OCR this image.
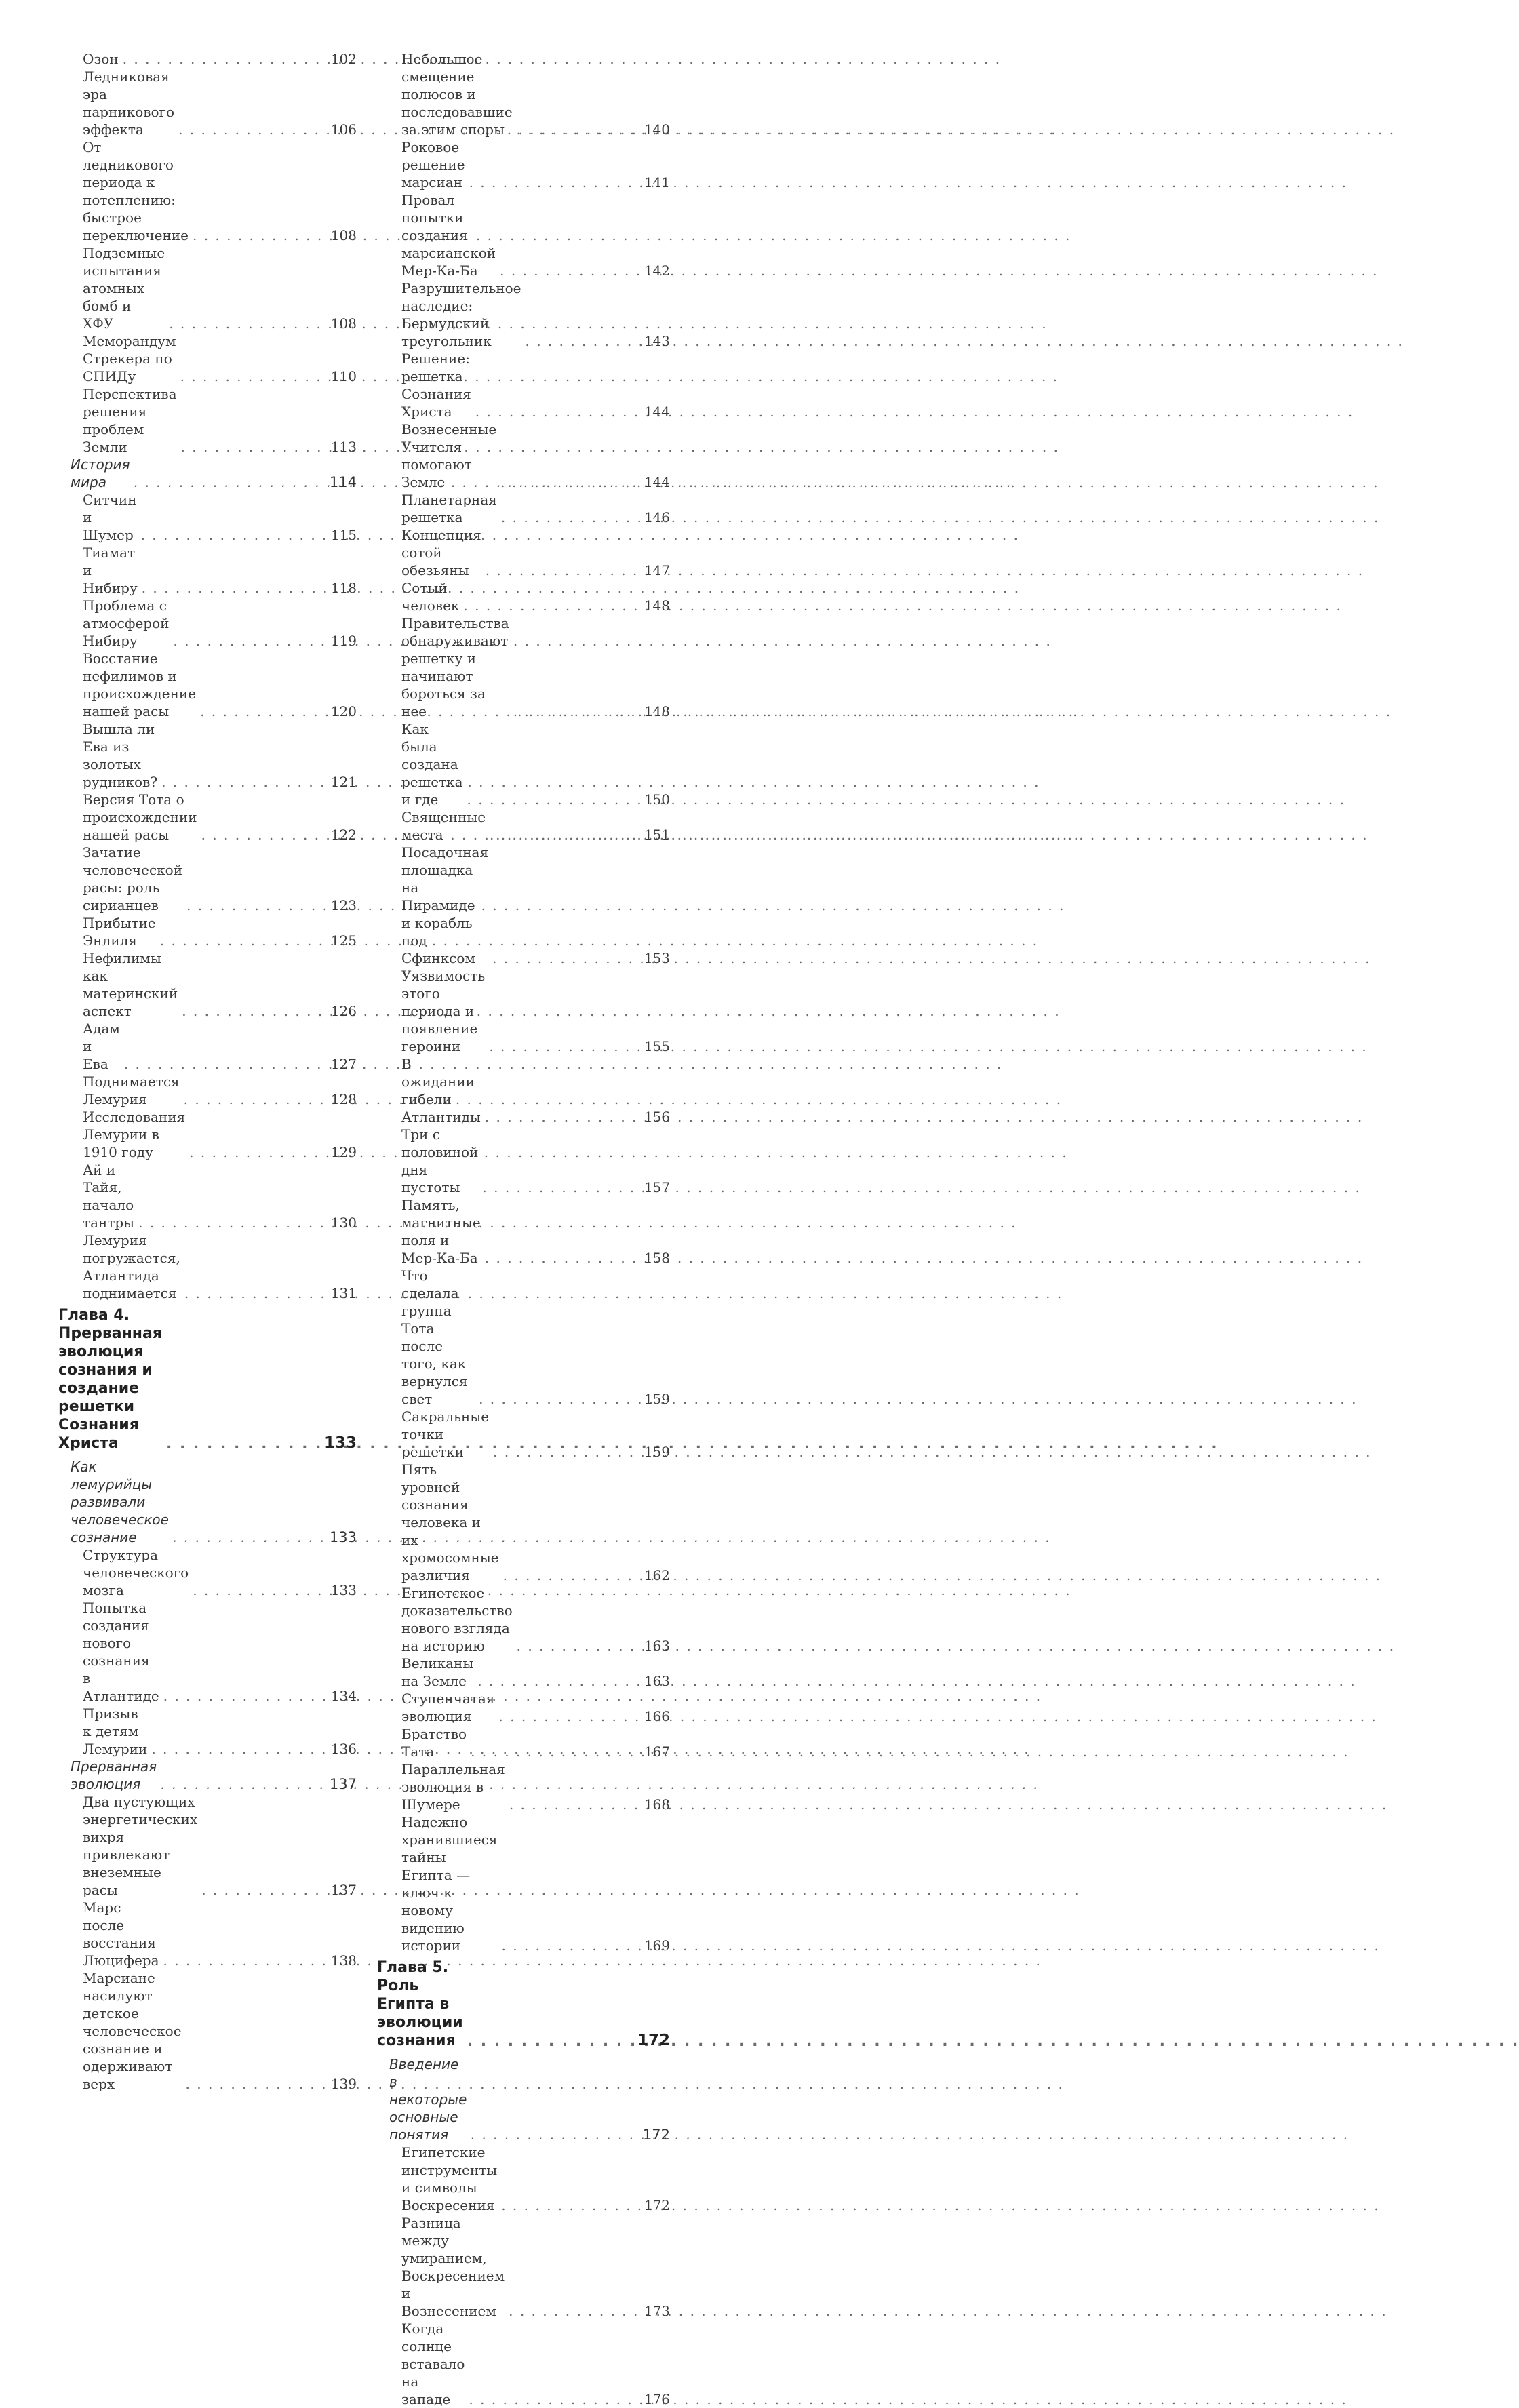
Озон . . .	102
Ледниковая эра парникового эффекта . . .	106
От ледникового периода к потеплению: быстрое переключение . . .	108
Подземные испытания атомных бомб и ХФУ . . .	108
Меморандум Стрекера по СПИДу . . .	110
Перспектива решения проблем Земли . . .	113
История мира . . .	114
Ситчин и Шумер . . .	115
Тиамат и Нибиру . . .	118
Проблема с атмосферой Нибиру . . .	119
Восстание нефилимов и происхождение нашей расы . . .	120
Вышла ли Ева из золотых рудников? . . .	121
Версия Тота о происхождении нашей расы . . .	122
Зачатие человеческой расы: роль сирианцев . . .	123
Прибытие Энлиля . . .	125
Нефилимы как материнский аспект . . .	126
Адам и Ева . . .	127
Поднимается Лемурия . . .	128
Исследования Лемурии в 1910 году . . .	129
Ай и Тайя, начало тантры . . .	130
Лемурия погружается, Атлантида поднимается . . .	131
Глава 4. Прерванная эволюция сознания и создание решетки Сознания Христа . . .	133
Как лемурийцы развивали человеческое сознание . . .	133
Структура человеческого мозга . . .	133
Попытка создания нового сознания в Атлантиде . . .	134
Призыв к детям Лемурии . . .	136
Прерванная эволюция . . .	137
Два пустующих энергетических вихря привлекают внеземные расы . . .	137
Марс после восстания Люцифера . . .	138
Марсиане насилуют детское человеческое сознание и одерживают верх . . .	139
Небольшое смещение полюсов и последовавшие за этим споры . . .	140
Роковое решение марсиан . . .	141
Провал попытки создания марсианской Мер-Ка-Ба . . .	142
Разрушительное наследие: Бермудский треугольник . . .	143
Решение: решетка Сознания Христа . . .	144
Вознесенные Учителя помогают Земле . . .	144
Планетарная решетка . . .	146
Концепция сотой обезьяны . . .	147
Сотый человек . . .	148
Правительства обнаруживают решетку и начинают бороться за нее . . .	148
Как была создана решетка и где . . .	150
Священные места . . .	151
Посадочная площадка на Пирамиде и корабль под Сфинксом . . .	153
Уязвимость этого периода и появление героини . . .	155
В ожидании гибели Атлантиды . . .	156
Три с половиной дня пустоты . . .	157
Память, магнитные поля и Мер-Ка-Ба . . .	158
Что сделала группа Тота после того, как вернулся свет . . .	159
Сакральные точки решетки . . .	159
Пять уровней сознания человека и их хромосомные различия . . .	162
Египетское доказательство нового взгляда на историю . . .	163
Великаны на Земле . . .	163
Ступенчатая эволюция . . .	166
Братство Тата . . .	167
Параллельная эволюция в Шумере . . .	168
Надежно хранившиеся тайны Египта — ключ к новому видению истории . . .	169
Глава 5. Роль Египта в эволюции сознания . . .	172
Введение в некоторые основные понятия . . .	172
Египетские инструменты и символы Воскресения . . .	172
Разница между умиранием, Воскресением и Вознесением . . .	173
Когда солнце вставало на западе . . .	176
